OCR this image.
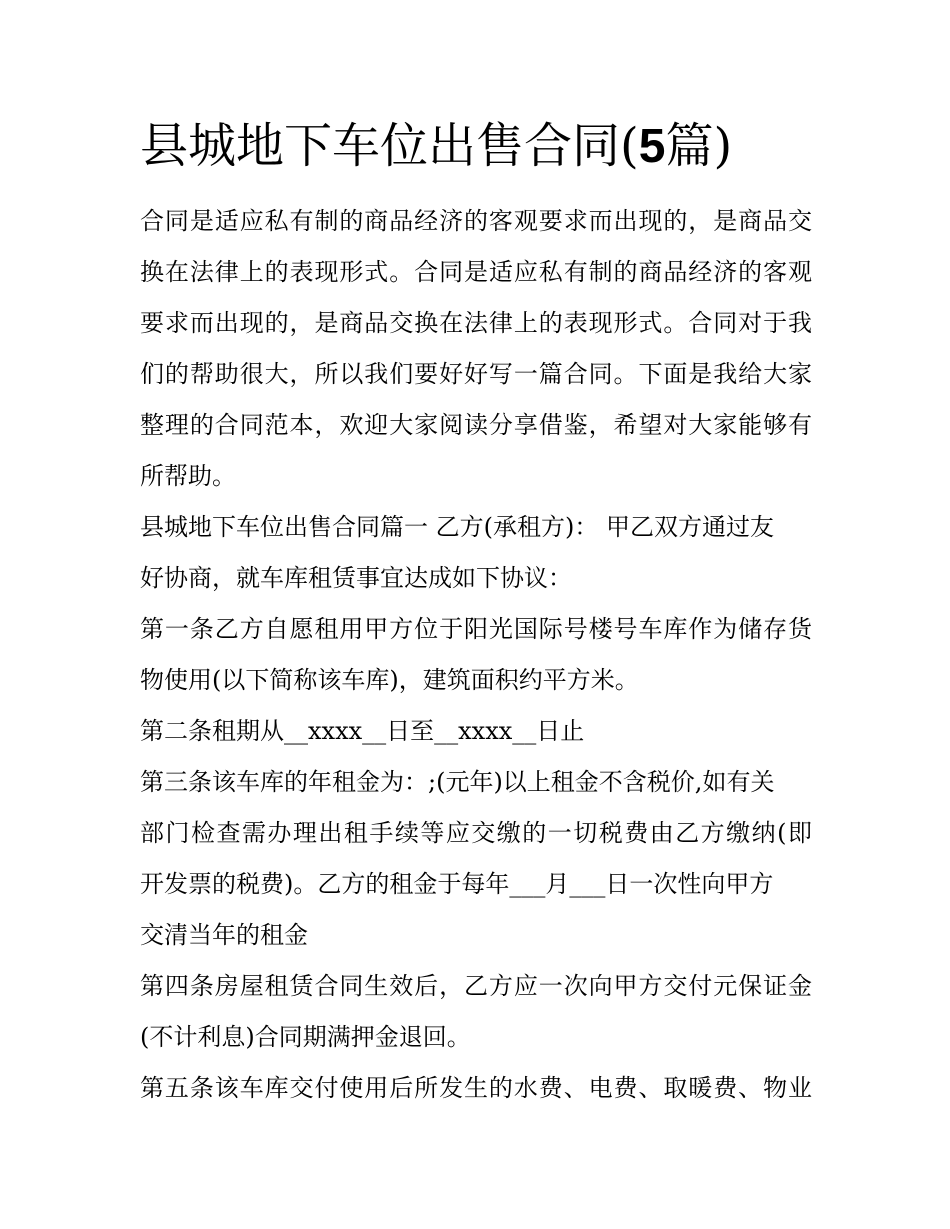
县城地下车位出售合同(5篇)
合同是适应私有制的商品经济的客观要求而出现的，是商品交
换在法律上的表现形式。合同是适应私有制的商品经济的客观
要求而出现的，是商品交换在法律上的表现形式。合同对于我
们的帮助很大，所以我们要好好写一篇合同。下面是我给大家
整理的合同范本，欢迎大家阅读分享借鉴，希望对大家能够有
所帮助。
县城地下车位出售合同篇一 乙方(承租方)： 甲乙双方通过友
好协商，就车库租赁事宜达成如下协议：
第一条乙方自愿租用甲方位于阳光国际号楼号车库作为储存货
物使用(以下简称该车库)，建筑面积约平方米。
第二条租期从__xxxx__日至__xxxx__日止
第三条该车库的年租金为：;(元年)以上租金不含税价,如有关
部门检查需办理出租手续等应交缴的一切税费由乙方缴纳(即
开发票的税费)。乙方的租金于每年___月___日一次性向甲方
交清当年的租金
第四条房屋租赁合同生效后，乙方应一次向甲方交付元保证金
(不计利息)合同期满押金退回。
第五条该车库交付使用后所发生的水费、电费、取暖费、物业
